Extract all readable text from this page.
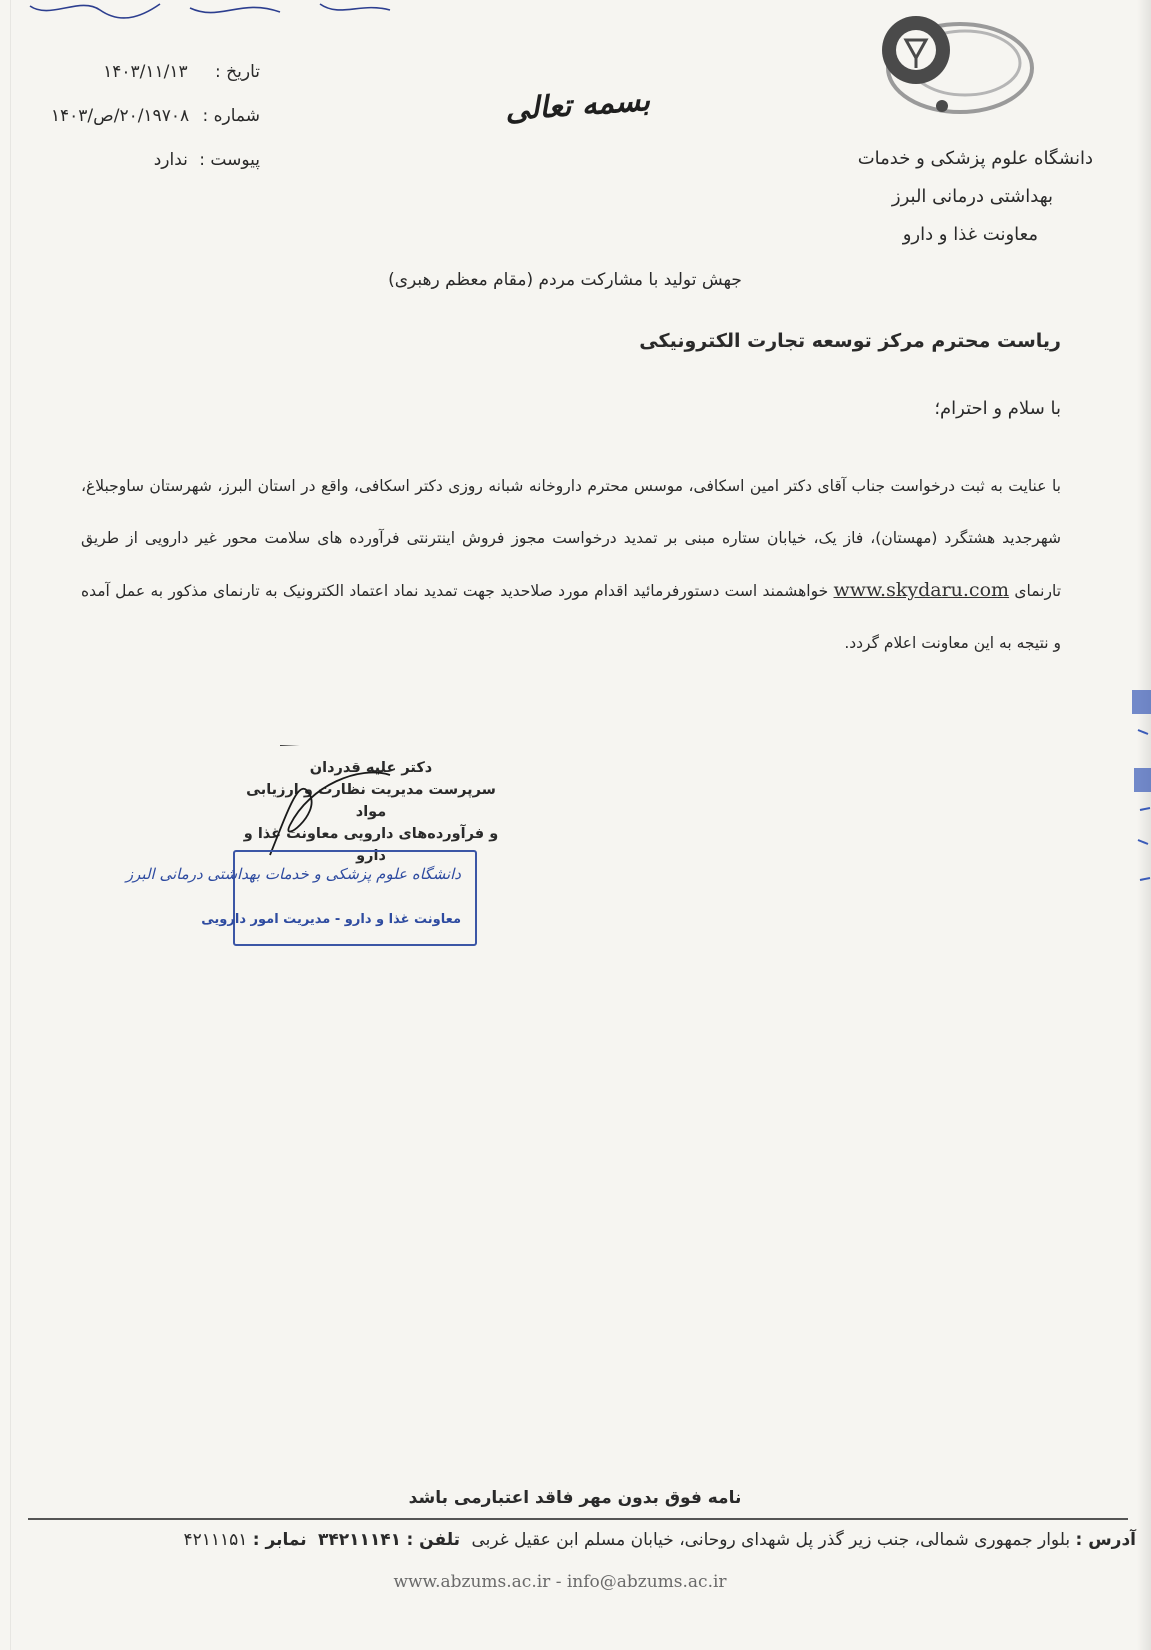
دانشگاه علوم پزشکی و خدمات
بهداشتی درمانی البرز
معاونت غذا و دارو
بسمه تعالی
تاریخ : ۱۴۰۳/۱۱/۱۳
شماره : ۲۰/۱۹۷۰۸/ص/۱۴۰۳
پیوست : ندارد
جهش تولید با مشارکت مردم (مقام معظم رهبری)
ریاست محترم مرکز توسعه تجارت الکترونیکی
با سلام و احترام؛
با عنایت به ثبت درخواست جناب آقای دکتر امین اسکافی، موسس محترم داروخانه شبانه روزی دکتر اسکافی، واقع در استان البرز، شهرستان ساوجبلاغ، شهرجدید هشتگرد (مهستان)، فاز یک، خیابان ستاره مبنی بر تمدید درخواست مجوز فروش اینترنتی فرآورده های سلامت محور غیر دارویی از طریق تارنمای www.skydaru.com خواهشمند است دستورفرمائید اقدام مورد صلاحدید جهت تمدید نماد اعتماد الکترونیک به تارنمای مذکور به عمل آمده و نتیجه به این معاونت اعلام گردد.
دکتر علیه قدردان
سرپرست مدیریت نظارت و ارزیابی مواد
و فرآورده‌های دارویی معاونت غذا و دارو
دانشگاه علوم پزشکی و خدمات بهداشتی درمانی البرز
معاونت غذا و دارو - مدیریت امور دارویی
نامه فوق بدون مهر فاقد اعتبارمی باشد
آدرس : بلوار جمهوری شمالی، جنب زیر گذر پل شهدای روحانی، خیابان مسلم ابن عقیل غربی تلفن : ۳۴۲۱۱۱۴۱ نمابر : ۴۲۱۱۱۵۱
www.abzums.ac.ir - info@abzums.ac.ir
